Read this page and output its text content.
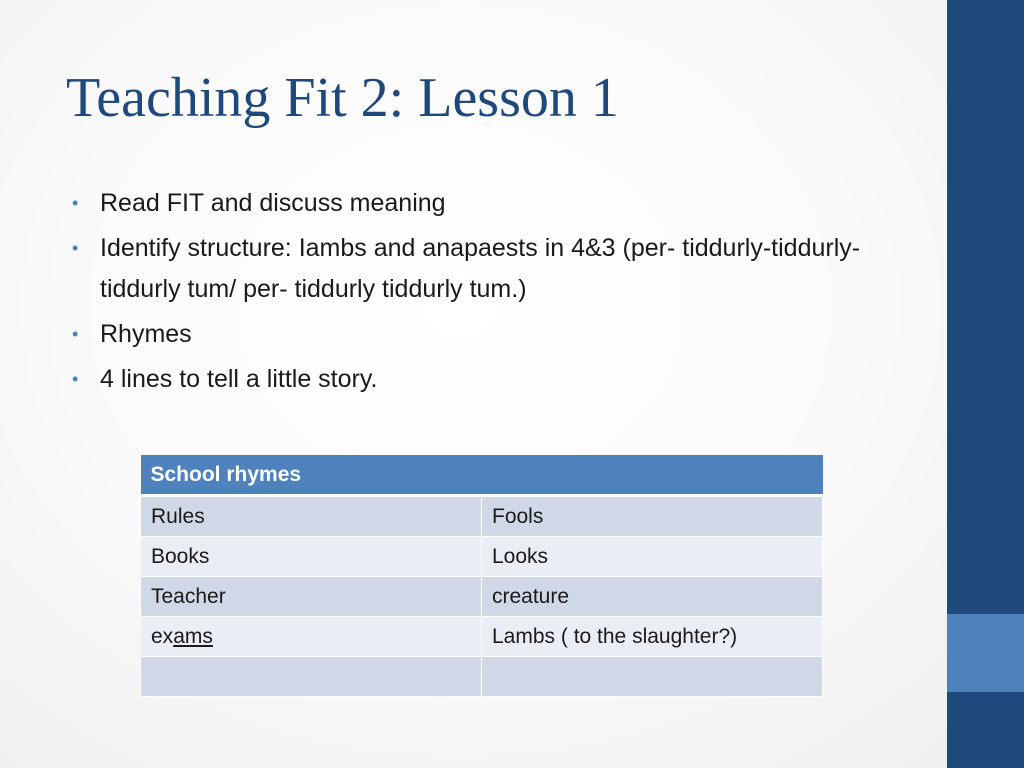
Teaching Fit 2: Lesson 1
• Read FIT and discuss meaning
• Identify structure: Iambs and anapaests in 4&3 (per- tiddurly-tiddurly-tiddurly tum/ per- tiddurly tiddurly tum.)
• Rhymes
• 4 lines to tell a little story.
School rhymes	
Rules	Fools
Books	Looks
Teacher	creature
exams	Lambs ( to the slaughter?)
